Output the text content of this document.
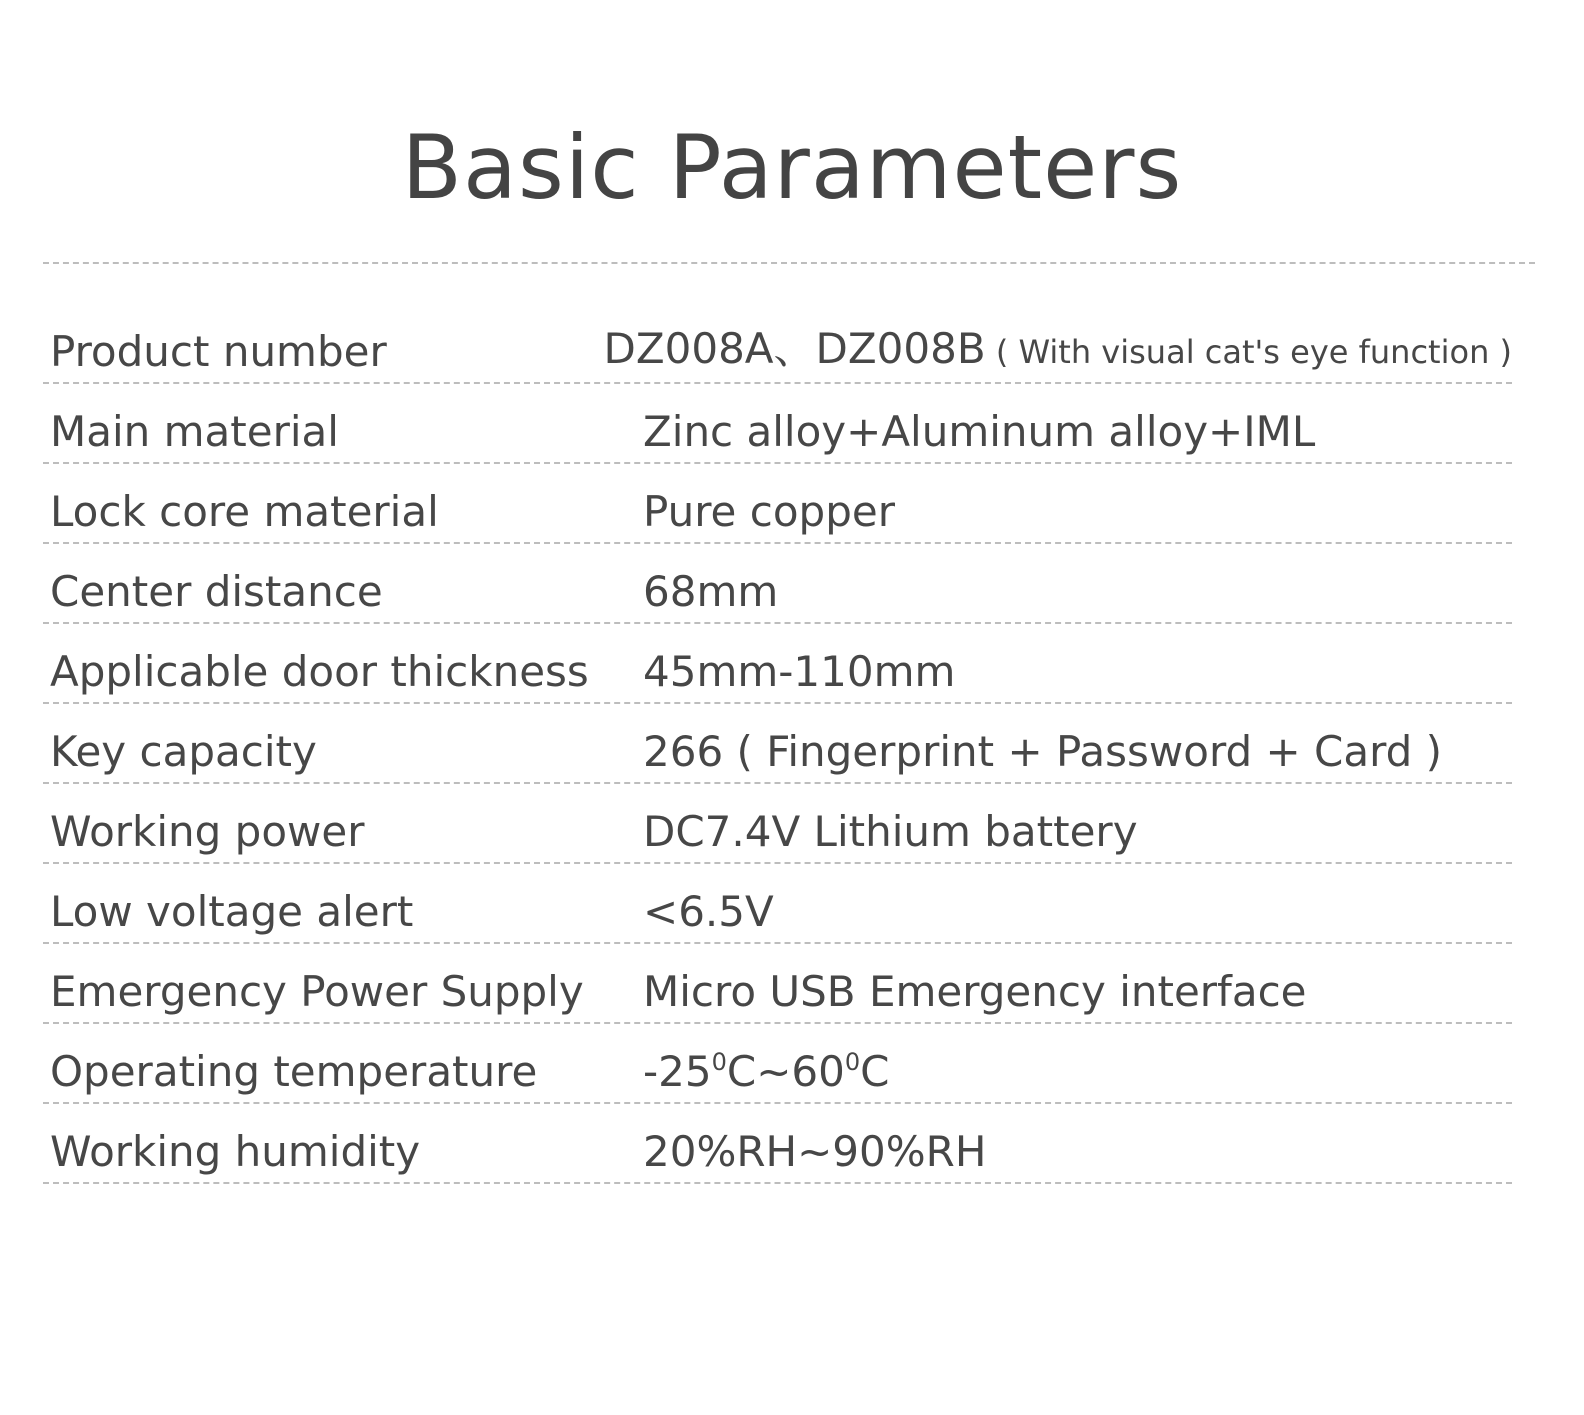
Basic Parameters
Product number	DZ008A、DZ008B ( With visual cat's eye function )
Main material	Zinc alloy+Aluminum alloy+IML
Lock core material	Pure copper
Center distance	68mm
Applicable door thickness	45mm-110mm
Key capacity	266 ( Fingerprint + Password + Card )
Working power	DC7.4V Lithium battery
Low voltage alert	<6.5V
Emergency Power Supply	Micro USB Emergency interface
Operating temperature	$-25^0C\sim 60^0C$
Working humidity	20%RH~90%RH
